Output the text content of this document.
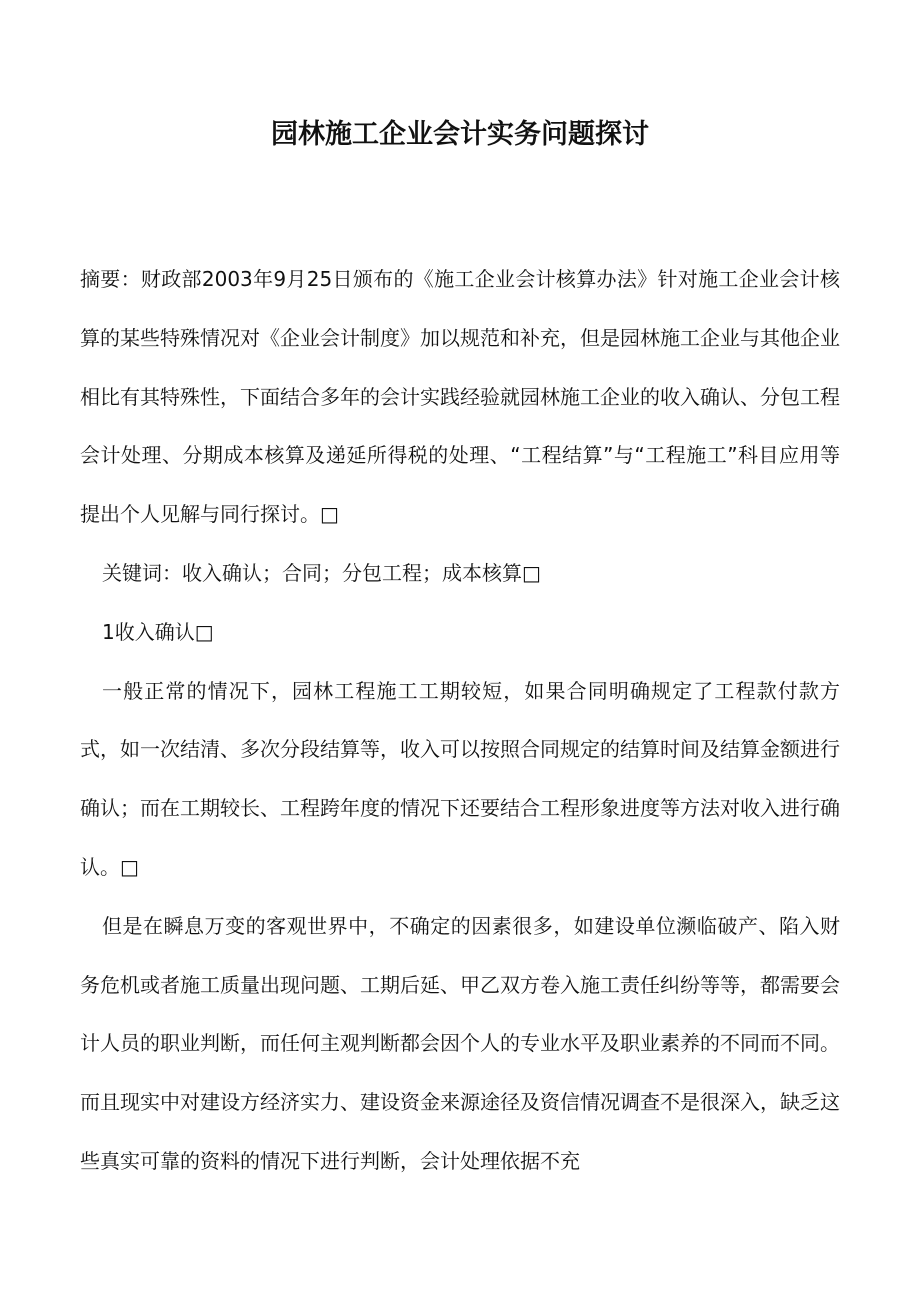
园林施工企业会计实务问题探讨

摘要：财政部2003年9月25日颁布的《施工企业会计核算办法》针对施工企业会计核算的某些特殊情况对《企业会计制度》加以规范和补充，但是园林施工企业与其他企业相比有其特殊性，下面结合多年的会计实践经验就园林施工企业的收入确认、分包工程会计处理、分期成本核算及递延所得税的处理、“工程结算”与“工程施工”科目应用等提出个人见解与同行探讨。□

关键词：收入确认；合同；分包工程；成本核算□

1收入确认□

一般正常的情况下，园林工程施工工期较短，如果合同明确规定了工程款付款方式，如一次结清、多次分段结算等，收入可以按照合同规定的结算时间及结算金额进行确认；而在工期较长、工程跨年度的情况下还要结合工程形象进度等方法对收入进行确认。□

但是在瞬息万变的客观世界中，不确定的因素很多，如建设单位濒临破产、陷入财务危机或者施工质量出现问题、工期后延、甲乙双方卷入施工责任纠纷等等，都需要会计人员的职业判断，而任何主观判断都会因个人的专业水平及职业素养的不同而不同。而且现实中对建设方经济实力、建设资金来源途径及资信情况调查不是很深入，缺乏这些真实可靠的资料的情况下进行判断，会计处理依据不充
